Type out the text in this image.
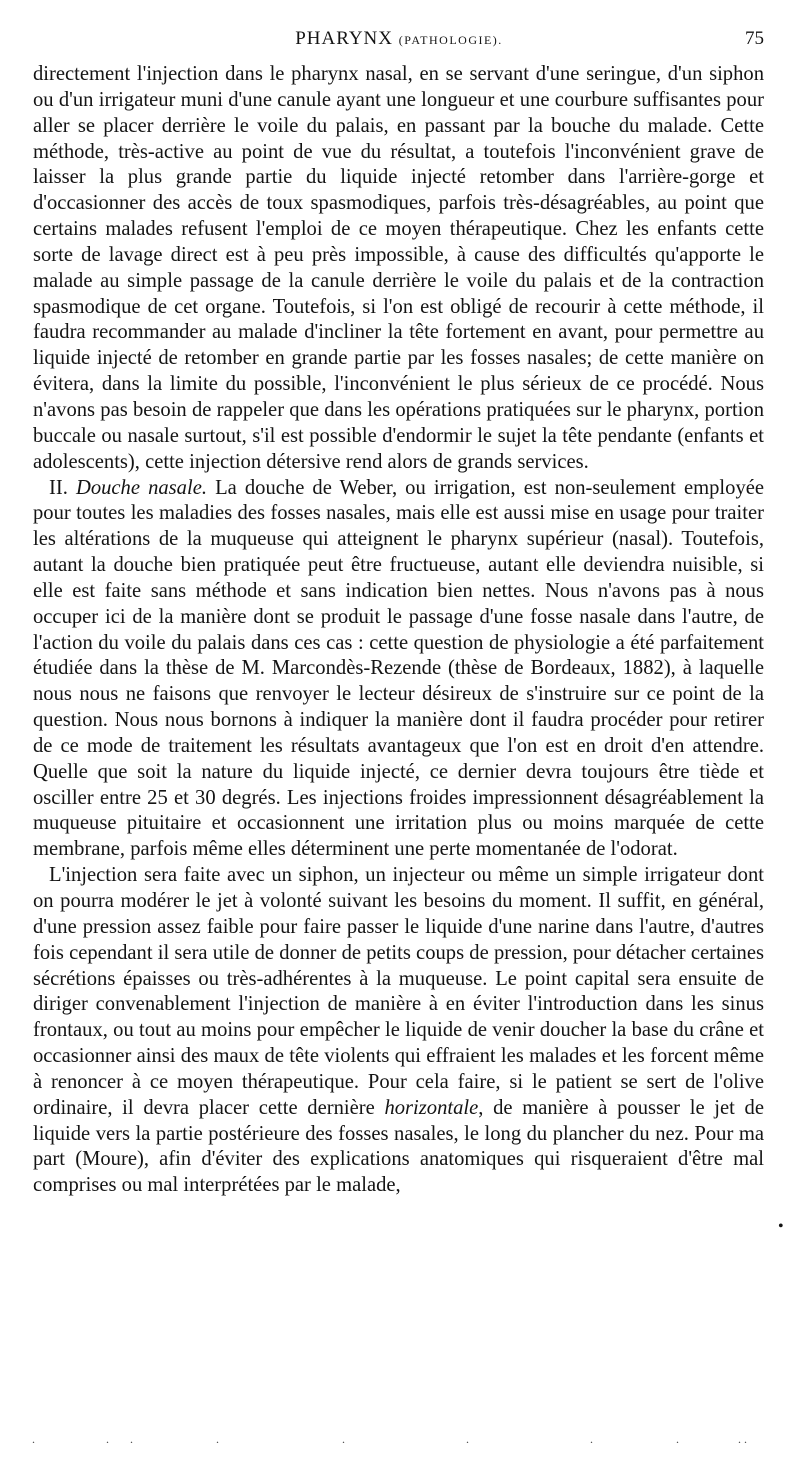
PHARYNX (PATHOLOGIE).	75

directement l'injection dans le pharynx nasal, en se servant d'une seringue, d'un siphon ou d'un irrigateur muni d'une canule ayant une longueur et une courbure suffisantes pour aller se placer derrière le voile du palais, en passant par la bouche du malade. Cette méthode, très-active au point de vue du résultat, a toutefois l'inconvénient grave de laisser la plus grande partie du liquide injecté retomber dans l'arrière-gorge et d'occasionner des accès de toux spasmodiques, parfois très-désagréables, au point que certains malades refusent l'emploi de ce moyen thérapeutique. Chez les enfants cette sorte de lavage direct est à peu près impossible, à cause des difficultés qu'apporte le malade au simple passage de la canule derrière le voile du palais et de la contraction spasmodique de cet organe. Toutefois, si l'on est obligé de recourir à cette méthode, il faudra recommander au malade d'incliner la tête fortement en avant, pour permettre au liquide injecté de retomber en grande partie par les fosses nasales; de cette manière on évitera, dans la limite du possible, l'inconvénient le plus sérieux de ce procédé. Nous n'avons pas besoin de rappeler que dans les opérations pratiquées sur le pharynx, portion buccale ou nasale surtout, s'il est possible d'endormir le sujet la tête pendante (enfants et adolescents), cette injection détersive rend alors de grands services.

II. Douche nasale. La douche de Weber, ou irrigation, est non-seulement employée pour toutes les maladies des fosses nasales, mais elle est aussi mise en usage pour traiter les altérations de la muqueuse qui atteignent le pharynx supérieur (nasal). Toutefois, autant la douche bien pratiquée peut être fructueuse, autant elle deviendra nuisible, si elle est faite sans méthode et sans indication bien nettes. Nous n'avons pas à nous occuper ici de la manière dont se produit le passage d'une fosse nasale dans l'autre, de l'action du voile du palais dans ces cas : cette question de physiologie a été parfaitement étudiée dans la thèse de M. Marcondès-Rezende (thèse de Bordeaux, 1882), à laquelle nous nous ne faisons que renvoyer le lecteur désireux de s'instruire sur ce point de la question. Nous nous bornons à indiquer la manière dont il faudra procéder pour retirer de ce mode de traitement les résultats avantageux que l'on est en droit d'en attendre. Quelle que soit la nature du liquide injecté, ce dernier devra toujours être tiède et osciller entre 25 et 30 degrés. Les injections froides impressionnent désagréablement la muqueuse pituitaire et occasionnent une irritation plus ou moins marquée de cette membrane, parfois même elles déterminent une perte momentanée de l'odorat.

L'injection sera faite avec un siphon, un injecteur ou même un simple irrigateur dont on pourra modérer le jet à volonté suivant les besoins du moment. Il suffit, en général, d'une pression assez faible pour faire passer le liquide d'une narine dans l'autre, d'autres fois cependant il sera utile de donner de petits coups de pression, pour détacher certaines sécrétions épaisses ou très-adhérentes à la muqueuse. Le point capital sera ensuite de diriger convenablement l'injection de manière à en éviter l'introduction dans les sinus frontaux, ou tout au moins pour empêcher le liquide de venir doucher la base du crâne et occasionner ainsi des maux de tête violents qui effraient les malades et les forcent même à renoncer à ce moyen thérapeutique. Pour cela faire, si le patient se sert de l'olive ordinaire, il devra placer cette dernière horizontale, de manière à pousser le jet de liquide vers la partie postérieure des fosses nasales, le long du plancher du nez. Pour ma part (Moure), afin d'éviter des explications anatomiques qui risqueraient d'être mal comprises ou mal interprétées par le malade,

•
.	. .	.	.	.	.	.	. .
